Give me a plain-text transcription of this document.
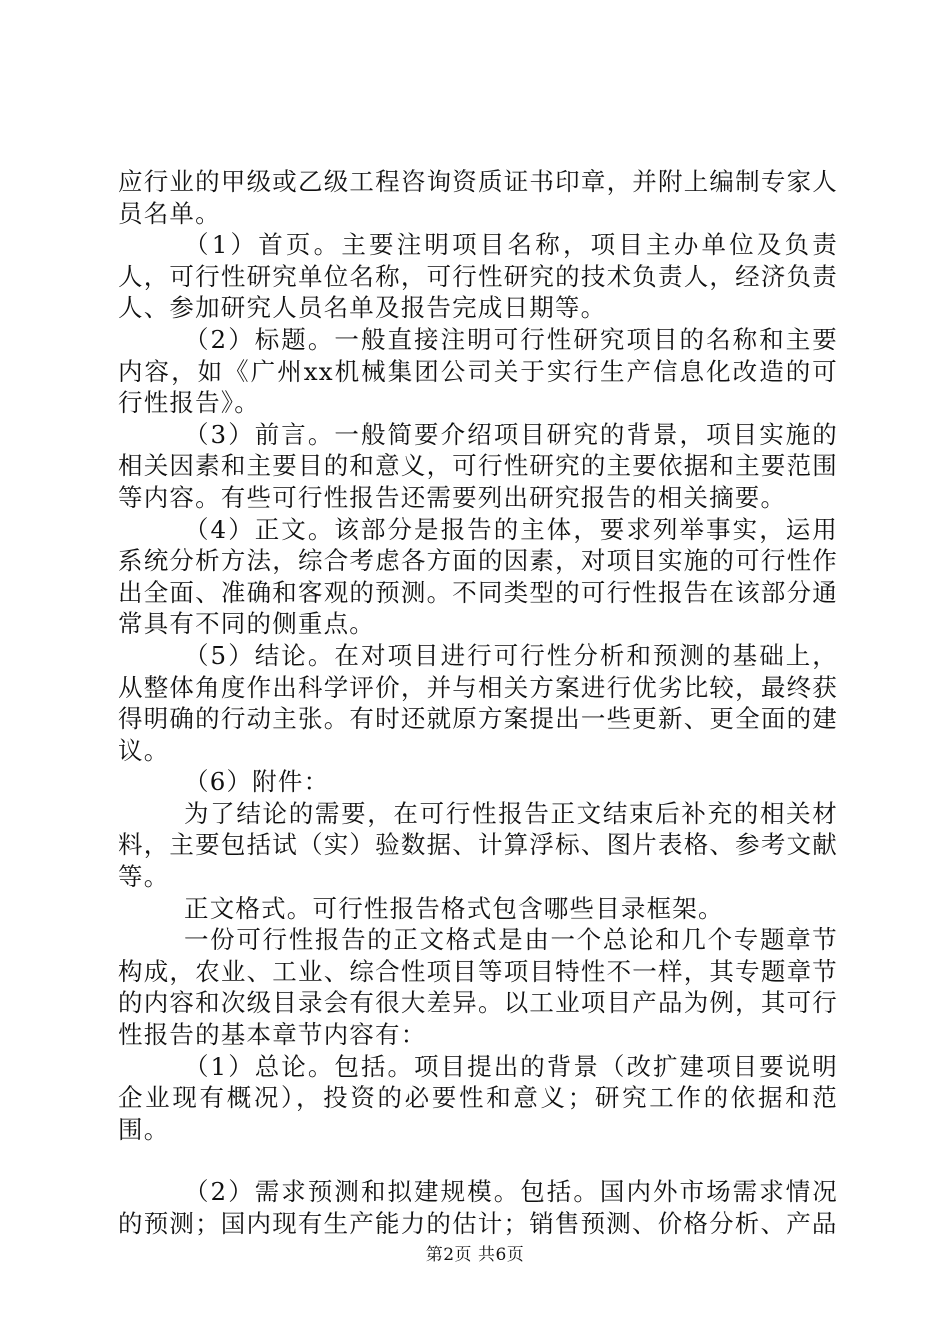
应行业的甲级或乙级工程咨询资质证书印章，并附上编制专家人员名单。

（1）首页。主要注明项目名称，项目主办单位及负责人，可行性研究单位名称，可行性研究的技术负责人，经济负责人、参加研究人员名单及报告完成日期等。

（2）标题。一般直接注明可行性研究项目的名称和主要内容，如《广州xx机械集团公司关于实行生产信息化改造的可行性报告》。

（3）前言。一般简要介绍项目研究的背景，项目实施的相关因素和主要目的和意义，可行性研究的主要依据和主要范围等内容。有些可行性报告还需要列出研究报告的相关摘要。

（4）正文。该部分是报告的主体，要求列举事实，运用系统分析方法，综合考虑各方面的因素，对项目实施的可行性作出全面、准确和客观的预测。不同类型的可行性报告在该部分通常具有不同的侧重点。

（5）结论。在对项目进行可行性分析和预测的基础上，从整体角度作出科学评价，并与相关方案进行优劣比较，最终获得明确的行动主张。有时还就原方案提出一些更新、更全面的建议。

（6）附件：

为了结论的需要，在可行性报告正文结束后补充的相关材料，主要包括试（实）验数据、计算浮标、图片表格、参考文献等。

正文格式。可行性报告格式包含哪些目录框架。

一份可行性报告的正文格式是由一个总论和几个专题章节构成，农业、工业、综合性项目等项目特性不一样，其专题章节的内容和次级目录会有很大差异。以工业项目产品为例，其可行性报告的基本章节内容有：

（1）总论。包括。项目提出的背景（改扩建项目要说明企业现有概况），投资的必要性和意义；研究工作的依据和范围。

（2）需求预测和拟建规模。包括。国内外市场需求情况的预测；国内现有生产能力的估计；销售预测、价格分析、产品

第2页 共6页
